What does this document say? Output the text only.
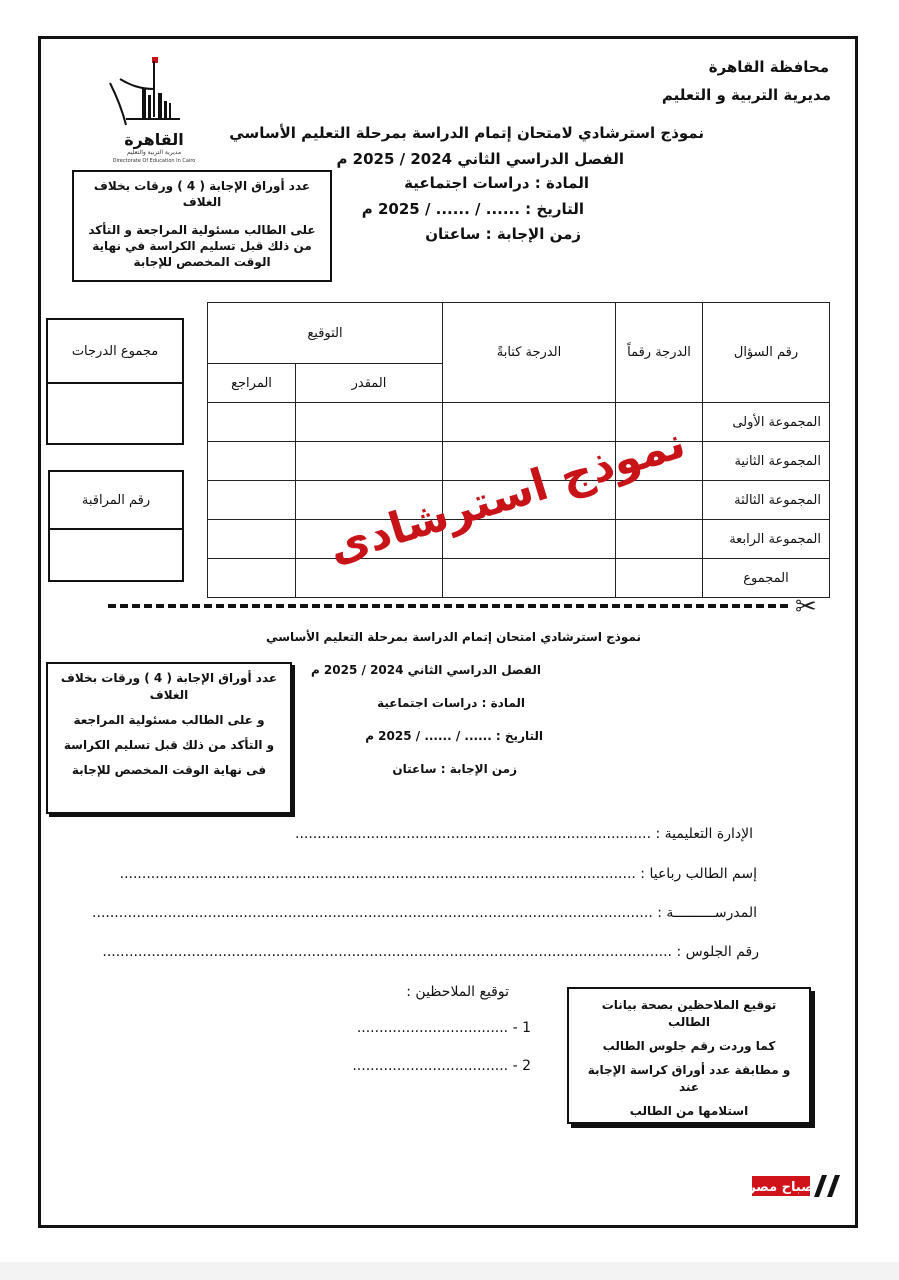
القاهرة
مديرية التربية والتعليم
Directorate Of Education In Cairo
محافظة القاهرة
مديرية التربية و التعليم
نموذج استرشادي لامتحان إتمام الدراسة بمرحلة التعليم الأساسي
الفصل الدراسي الثاني 2024 / 2025 م
المادة : دراسات اجتماعية
التاريخ : ...... / ...... / 2025 م
زمن الإجابة : ساعتان
عدد أوراق الإجابة ( 4 ) ورقات بخلاف الغلاف
على الطالب مسئولية المراجعة و التأكد من ذلك قبل تسليم الكراسة في نهاية الوقت المخصص للإجابة
مجموع الدرجات
رقم المراقبة
رقم السؤال	الدرجة رقماً	الدرجة كتابةً	التوقيع	
			المقدر	المراجع
المجموعة الأولى				
المجموعة الثانية				
المجموعة الثالثة				
المجموعة الرابعة				
المجموع				
نموذج استرشادى
✂
نموذج استرشادي امتحان إتمام الدراسة بمرحلة التعليم الأساسي
الفصل الدراسي الثاني 2024 / 2025 م
المادة : دراسات اجتماعية
التاريخ : ...... / ...... / 2025 م
زمن الإجابة : ساعتان
عدد أوراق الإجابة ( 4 ) ورقات بخلاف الغلاف
و على الطالب مسئولية المراجعة
و التأكد من ذلك قبل تسليم الكراسة
فى نهاية الوقت المخصص للإجابة
الإدارة التعليمية : ................................................................................
إسم الطالب رباعيا : ....................................................................................................................
المدرســــــــــة : ..............................................................................................................................
رقم الجلوس : ................................................................................................................................
توقيع الملاحظين :
1 - ..................................
2 - ...................................
توقيع الملاحظين بصحة بيانات الطالب
كما وردت رقم جلوس الطالب
و مطابقة عدد أوراق كراسة الإجابة عند
استلامها من الطالب
صباح مصر
